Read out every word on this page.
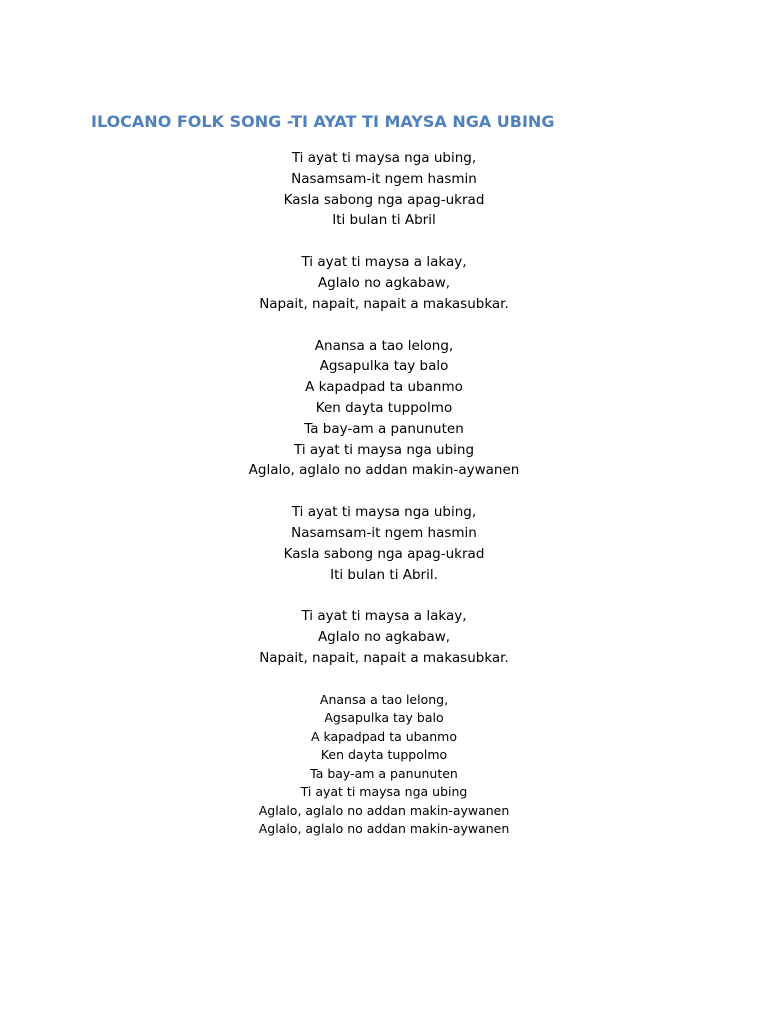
ILOCANO FOLK SONG -TI AYAT TI MAYSA NGA UBING
Ti ayat ti maysa nga ubing,
Nasamsam-it ngem hasmin
Kasla sabong nga apag-ukrad
Iti bulan ti Abril
Ti ayat ti maysa a lakay,
Aglalo no agkabaw,
Napait, napait, napait a makasubkar.
Anansa a tao lelong,
Agsapulka tay balo
A kapadpad ta ubanmo
Ken dayta tuppolmo
Ta bay-am a panunuten
Ti ayat ti maysa nga ubing
Aglalo, aglalo no addan makin-aywanen
Ti ayat ti maysa nga ubing,
Nasamsam-it ngem hasmin
Kasla sabong nga apag-ukrad
Iti bulan ti Abril.
Ti ayat ti maysa a lakay,
Aglalo no agkabaw,
Napait, napait, napait a makasubkar.
Anansa a tao lelong,
Agsapulka tay balo
A kapadpad ta ubanmo
Ken dayta tuppolmo
Ta bay-am a panunuten
Ti ayat ti maysa nga ubing
Aglalo, aglalo no addan makin-aywanen
Aglalo, aglalo no addan makin-aywanen
